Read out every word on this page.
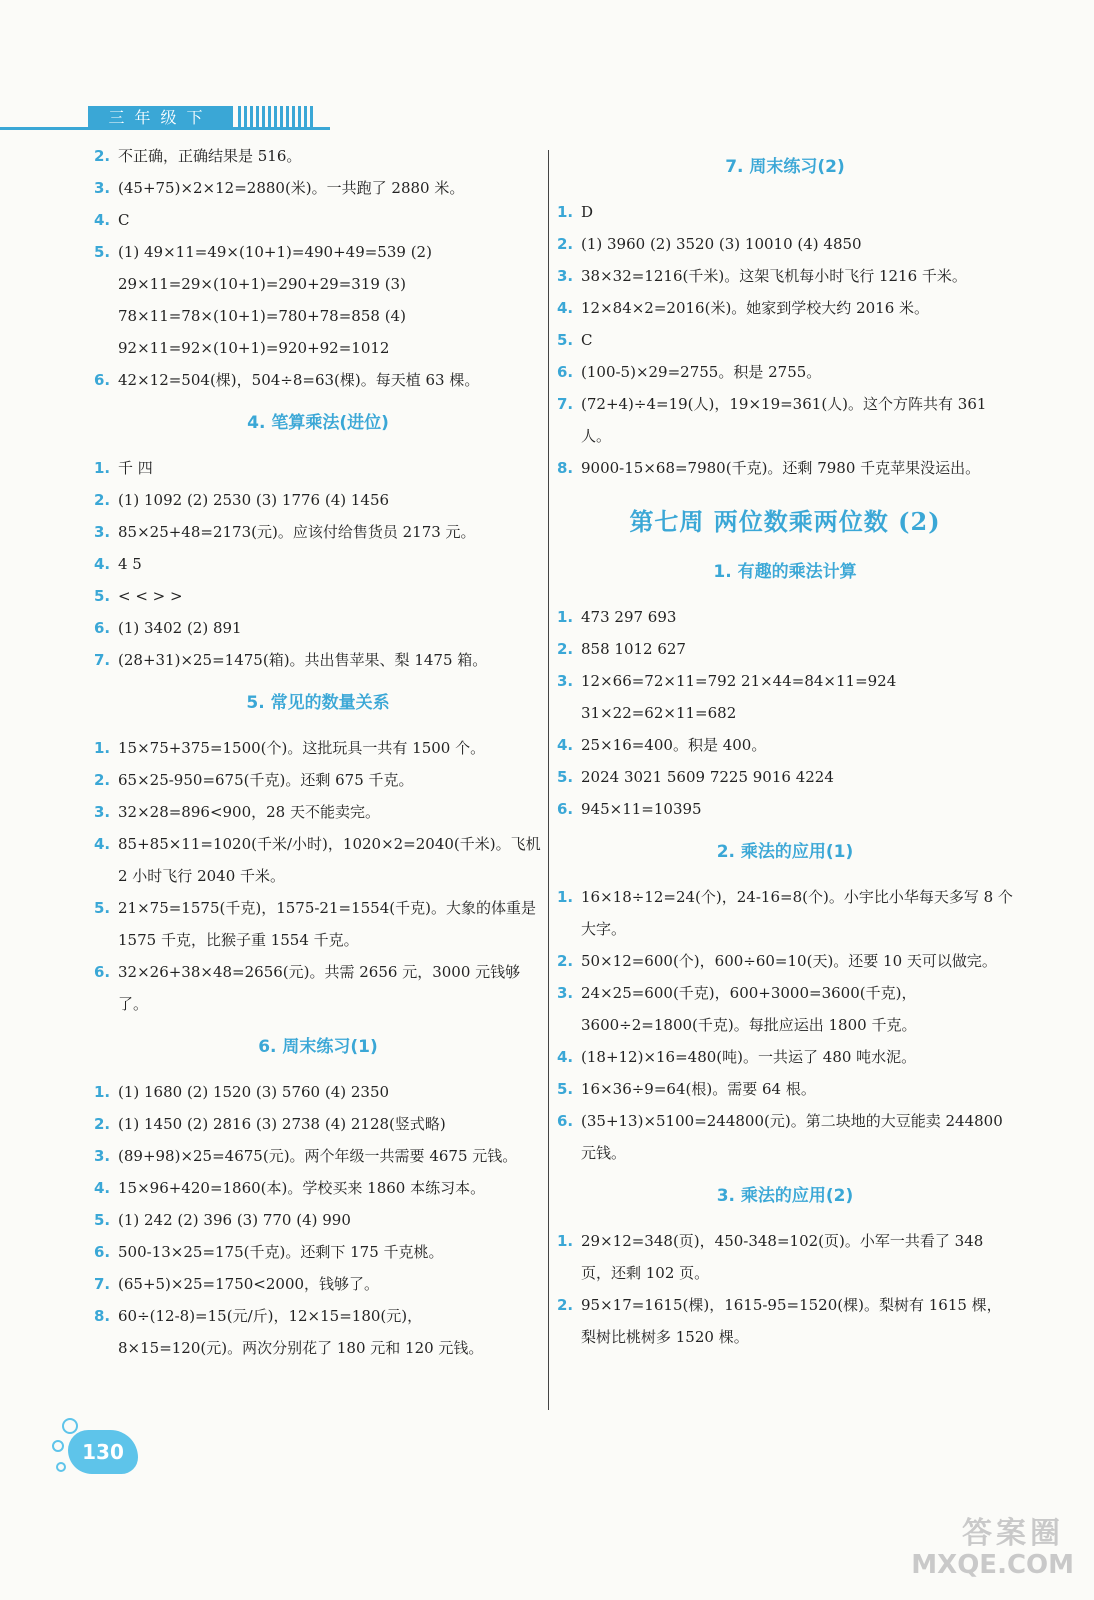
三年级下
2. 不正确，正确结果是 516。
3. (45+75)×2×12=2880(米)。一共跑了 2880 米。
4. C
5. (1) 49×11=49×(10+1)=490+49=539 (2) 29×11=29×(10+1)=290+29=319 (3) 78×11=78×(10+1)=780+78=858 (4) 92×11=92×(10+1)=920+92=1012
6. 42×12=504(棵)，504÷8=63(棵)。每天植 63 棵。
4. 笔算乘法(进位)
1. 千 四
2. (1) 1092 (2) 2530 (3) 1776 (4) 1456
3. 85×25+48=2173(元)。应该付给售货员 2173 元。
4. 4 5
5. < < > >
6. (1) 3402 (2) 891
7. (28+31)×25=1475(箱)。共出售苹果、梨 1475 箱。
5. 常见的数量关系
1. 15×75+375=1500(个)。这批玩具一共有 1500 个。
2. 65×25-950=675(千克)。还剩 675 千克。
3. 32×28=896<900，28 天不能卖完。
4. 85+85×11=1020(千米/小时)，1020×2=2040(千米)。飞机 2 小时飞行 2040 千米。
5. 21×75=1575(千克)，1575-21=1554(千克)。大象的体重是 1575 千克，比猴子重 1554 千克。
6. 32×26+38×48=2656(元)。共需 2656 元，3000 元钱够了。
6. 周末练习(1)
1. (1) 1680 (2) 1520 (3) 5760 (4) 2350
2. (1) 1450 (2) 2816 (3) 2738 (4) 2128(竖式略)
3. (89+98)×25=4675(元)。两个年级一共需要 4675 元钱。
4. 15×96+420=1860(本)。学校买来 1860 本练习本。
5. (1) 242 (2) 396 (3) 770 (4) 990
6. 500-13×25=175(千克)。还剩下 175 千克桃。
7. (65+5)×25=1750<2000，钱够了。
8. 60÷(12-8)=15(元/斤)，12×15=180(元)，8×15=120(元)。两次分别花了 180 元和 120 元钱。
7. 周末练习(2)
1. D
2. (1) 3960 (2) 3520 (3) 10010 (4) 4850
3. 38×32=1216(千米)。这架飞机每小时飞行 1216 千米。
4. 12×84×2=2016(米)。她家到学校大约 2016 米。
5. C
6. (100-5)×29=2755。积是 2755。
7. (72+4)÷4=19(人)，19×19=361(人)。这个方阵共有 361 人。
8. 9000-15×68=7980(千克)。还剩 7980 千克苹果没运出。
第七周 两位数乘两位数 (2)
1. 有趣的乘法计算
1. 473 297 693
2. 858 1012 627
3. 12×66=72×11=792 21×44=84×11=924 31×22=62×11=682
4. 25×16=400。积是 400。
5. 2024 3021 5609 7225 9016 4224
6. 945×11=10395
2. 乘法的应用(1)
1. 16×18÷12=24(个)，24-16=8(个)。小宇比小华每天多写 8 个大字。
2. 50×12=600(个)，600÷60=10(天)。还要 10 天可以做完。
3. 24×25=600(千克)，600+3000=3600(千克)，3600÷2=1800(千克)。每批应运出 1800 千克。
4. (18+12)×16=480(吨)。一共运了 480 吨水泥。
5. 16×36÷9=64(根)。需要 64 根。
6. (35+13)×5100=244800(元)。第二块地的大豆能卖 244800 元钱。
3. 乘法的应用(2)
1. 29×12=348(页)，450-348=102(页)。小军一共看了 348 页，还剩 102 页。
2. 95×17=1615(棵)，1615-95=1520(棵)。梨树有 1615 棵，梨树比桃树多 1520 棵。
130
答案圈
MXQE.COM
